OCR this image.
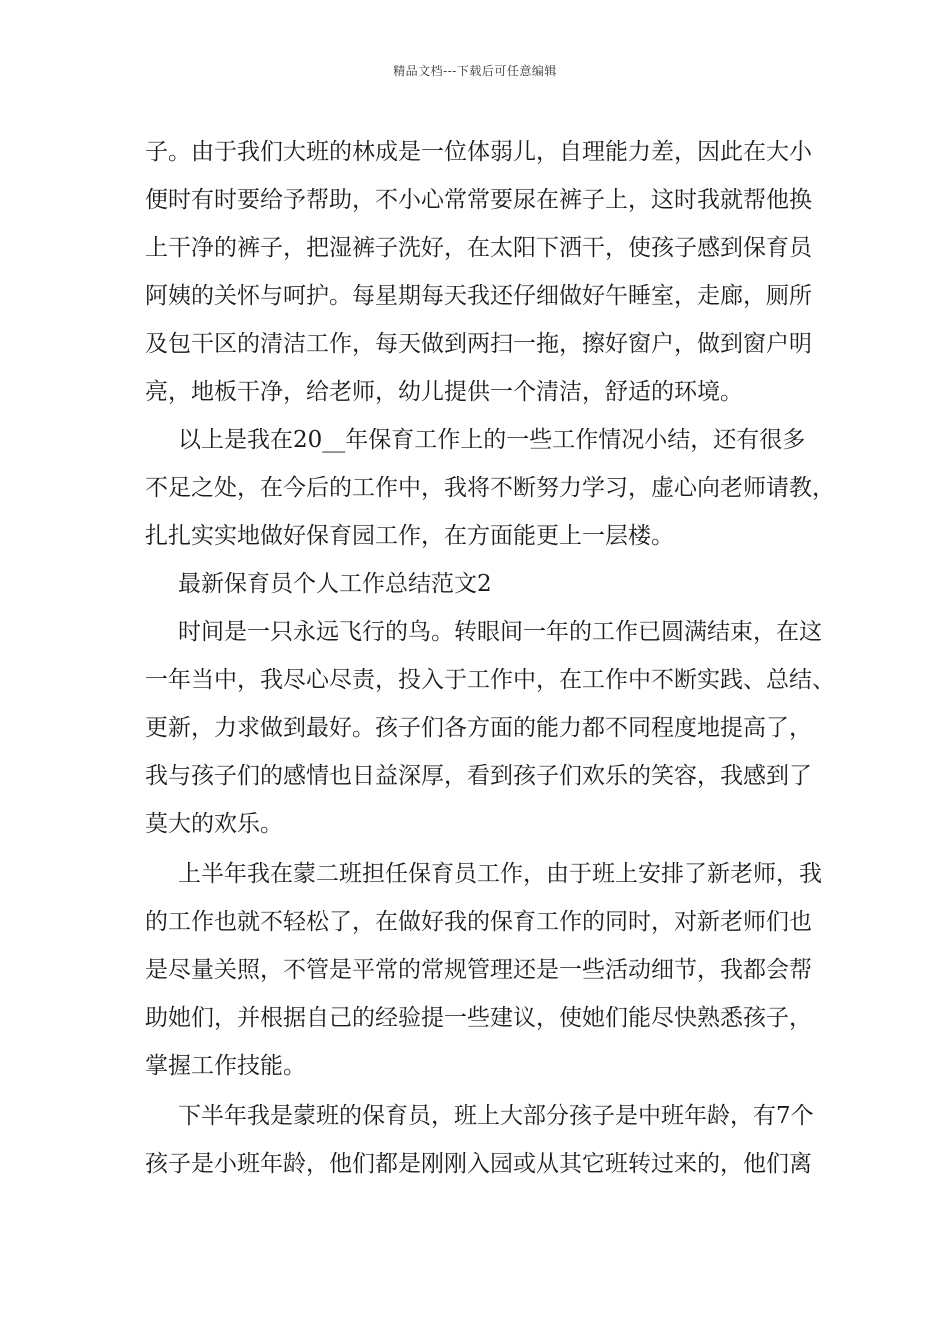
精品文档---下载后可任意编辑

子。由于我们大班的林成是一位体弱儿，自理能力差，因此在大小
便时有时要给予帮助，不小心常常要尿在裤子上，这时我就帮他换
上干净的裤子，把湿裤子洗好，在太阳下洒干，使孩子感到保育员
阿姨的关怀与呵护。每星期每天我还仔细做好午睡室，走廊，厕所
及包干区的清洁工作，每天做到两扫一拖，擦好窗户，做到窗户明
亮，地板干净，给老师，幼儿提供一个清洁，舒适的环境。

以上是我在20__年保育工作上的一些工作情况小结，还有很多
不足之处，在今后的工作中，我将不断努力学习，虚心向老师请教，
扎扎实实地做好保育园工作，在方面能更上一层楼。

最新保育员个人工作总结范文2

时间是一只永远飞行的鸟。转眼间一年的工作已圆满结束，在这
一年当中，我尽心尽责，投入于工作中，在工作中不断实践、总结、
更新，力求做到最好。孩子们各方面的能力都不同程度地提高了，
我与孩子们的感情也日益深厚，看到孩子们欢乐的笑容，我感到了
莫大的欢乐。

上半年我在蒙二班担任保育员工作，由于班上安排了新老师，我
的工作也就不轻松了，在做好我的保育工作的同时，对新老师们也
是尽量关照，不管是平常的常规管理还是一些活动细节，我都会帮
助她们，并根据自己的经验提一些建议，使她们能尽快熟悉孩子，
掌握工作技能。

下半年我是蒙班的保育员，班上大部分孩子是中班年龄，有7个
孩子是小班年龄，他们都是刚刚入园或从其它班转过来的，他们离
